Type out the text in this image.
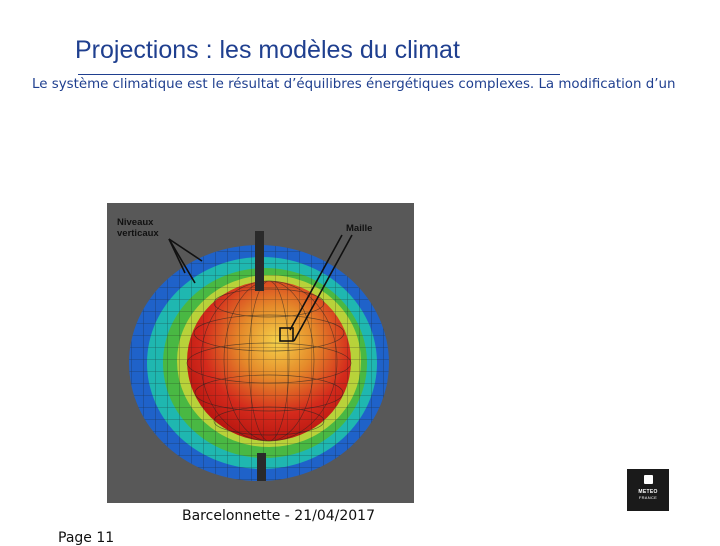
Projections : les modèles du climat

Le système climatique est le résultat d’équilibres énergétiques complexes. La modification d’un

Niveaux
verticaux	Maille

Barcelonnette - 21/04/2017

Page 11

METEO
FRANCE
